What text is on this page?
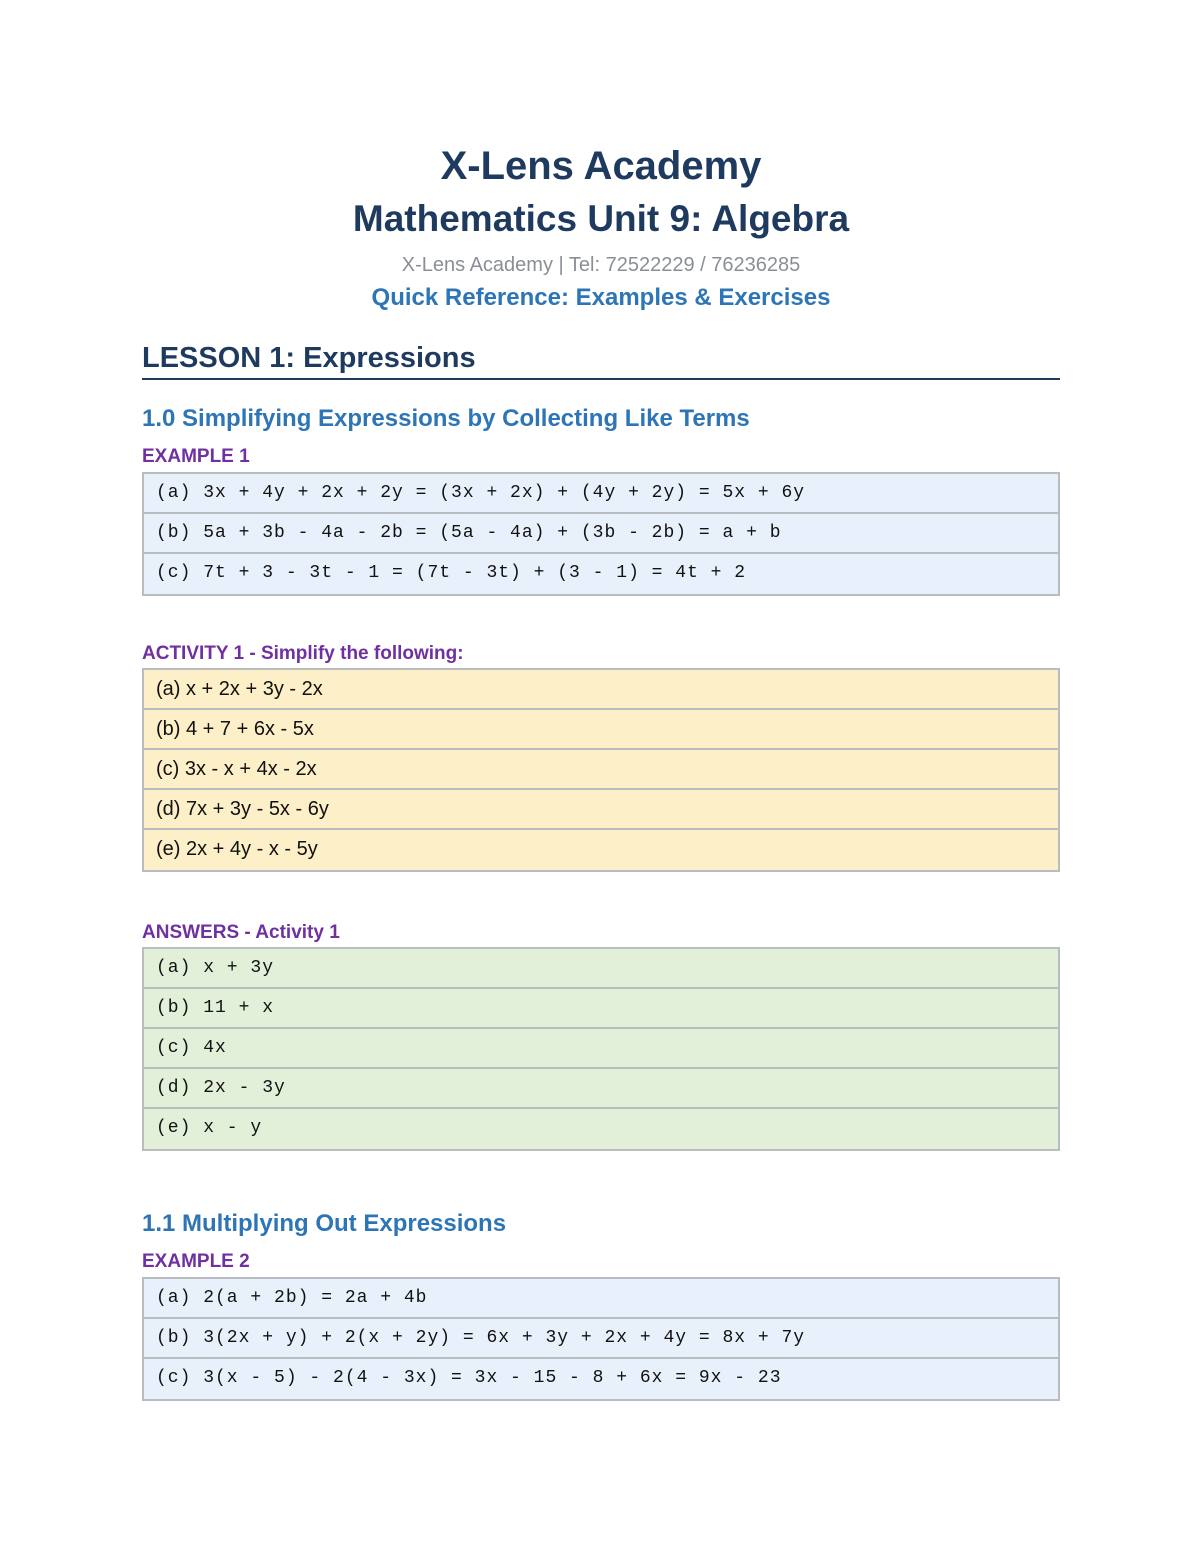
X-Lens Academy
Mathematics Unit 9: Algebra
X-Lens Academy | Tel: 72522229 / 76236285
Quick Reference: Examples & Exercises
LESSON 1: Expressions
1.0 Simplifying Expressions by Collecting Like Terms
EXAMPLE 1
(a) 3x + 4y + 2x + 2y = (3x + 2x) + (4y + 2y) = 5x + 6y
(b) 5a + 3b - 4a - 2b = (5a - 4a) + (3b - 2b) = a + b
(c) 7t + 3 - 3t - 1 = (7t - 3t) + (3 - 1) = 4t + 2
ACTIVITY 1 - Simplify the following:
(a) x + 2x + 3y - 2x
(b) 4 + 7 + 6x - 5x
(c) 3x - x + 4x - 2x
(d) 7x + 3y - 5x - 6y
(e) 2x + 4y - x - 5y
ANSWERS - Activity 1
(a) x + 3y
(b) 11 + x
(c) 4x
(d) 2x - 3y
(e) x - y
1.1 Multiplying Out Expressions
EXAMPLE 2
(a) 2(a + 2b) = 2a + 4b
(b) 3(2x + y) + 2(x + 2y) = 6x + 3y + 2x + 4y = 8x + 7y
(c) 3(x - 5) - 2(4 - 3x) = 3x - 15 - 8 + 6x = 9x - 23
